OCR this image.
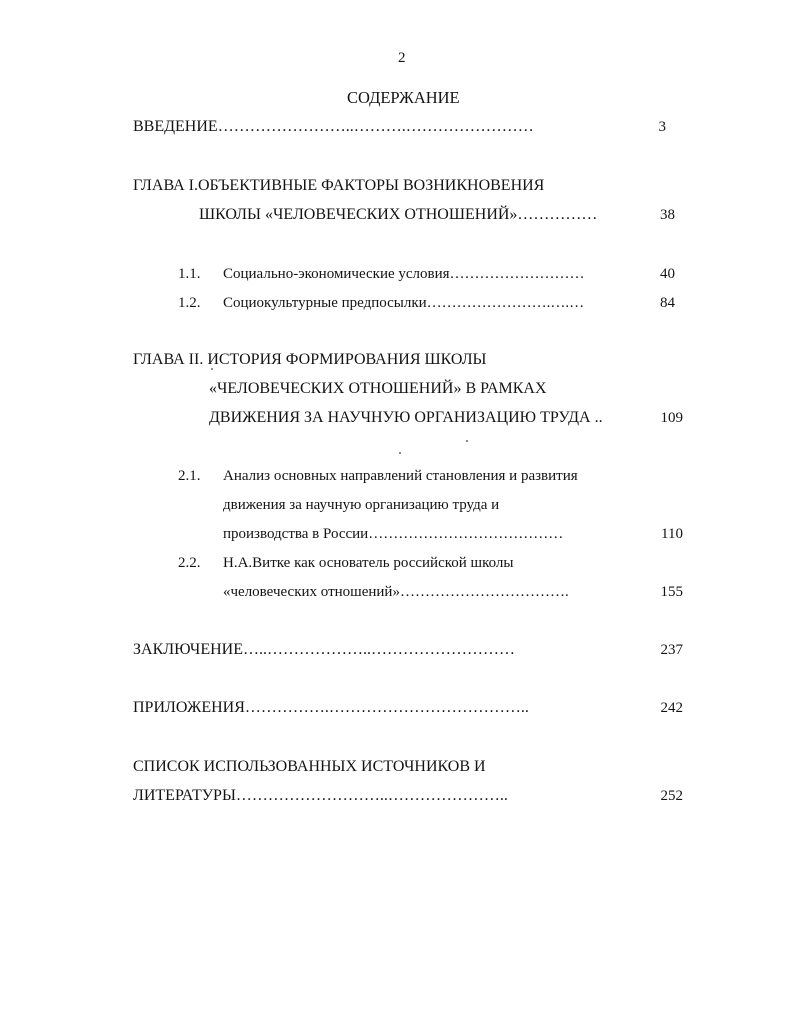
2
СОДЕРЖАНИЕ
ВВЕДЕНИЕ……………………..……….……………………	3
ГЛАВА I.ОБЪЕКТИВНЫЕ ФАКТОРЫ ВОЗНИКНОВЕНИЯ
ШКОЛЫ «ЧЕЛОВЕЧЕСКИХ ОТНОШЕНИЙ»……………	38
1.1. Социально-экономические условия………………………	40
1.2. Социокультурные предпосылки…………………….….…	84
ГЛАВА II. ИСТОРИЯ ФОРМИРОВАНИЯ ШКОЛЫ
«ЧЕЛОВЕЧЕСКИХ ОТНОШЕНИЙ» В РАМКАХ
ДВИЖЕНИЯ ЗА НАУЧНУЮ ОРГАНИЗАЦИЮ ТРУДА ..	109
2.1. Анализ основных направлений становления и развития
движения за научную организацию труда и
производства в России…………………………………	110
2.2. Н.А.Витке как основатель российской школы
«человеческих отношений»…………………………….	155
ЗАКЛЮЧЕНИЕ…..………………..………………………	237
ПРИЛОЖЕНИЯ…………….………………………………..	242
СПИСОК ИСПОЛЬЗОВАННЫХ ИСТОЧНИКОВ И
ЛИТЕРАТУРЫ………………………..…………………..	252
